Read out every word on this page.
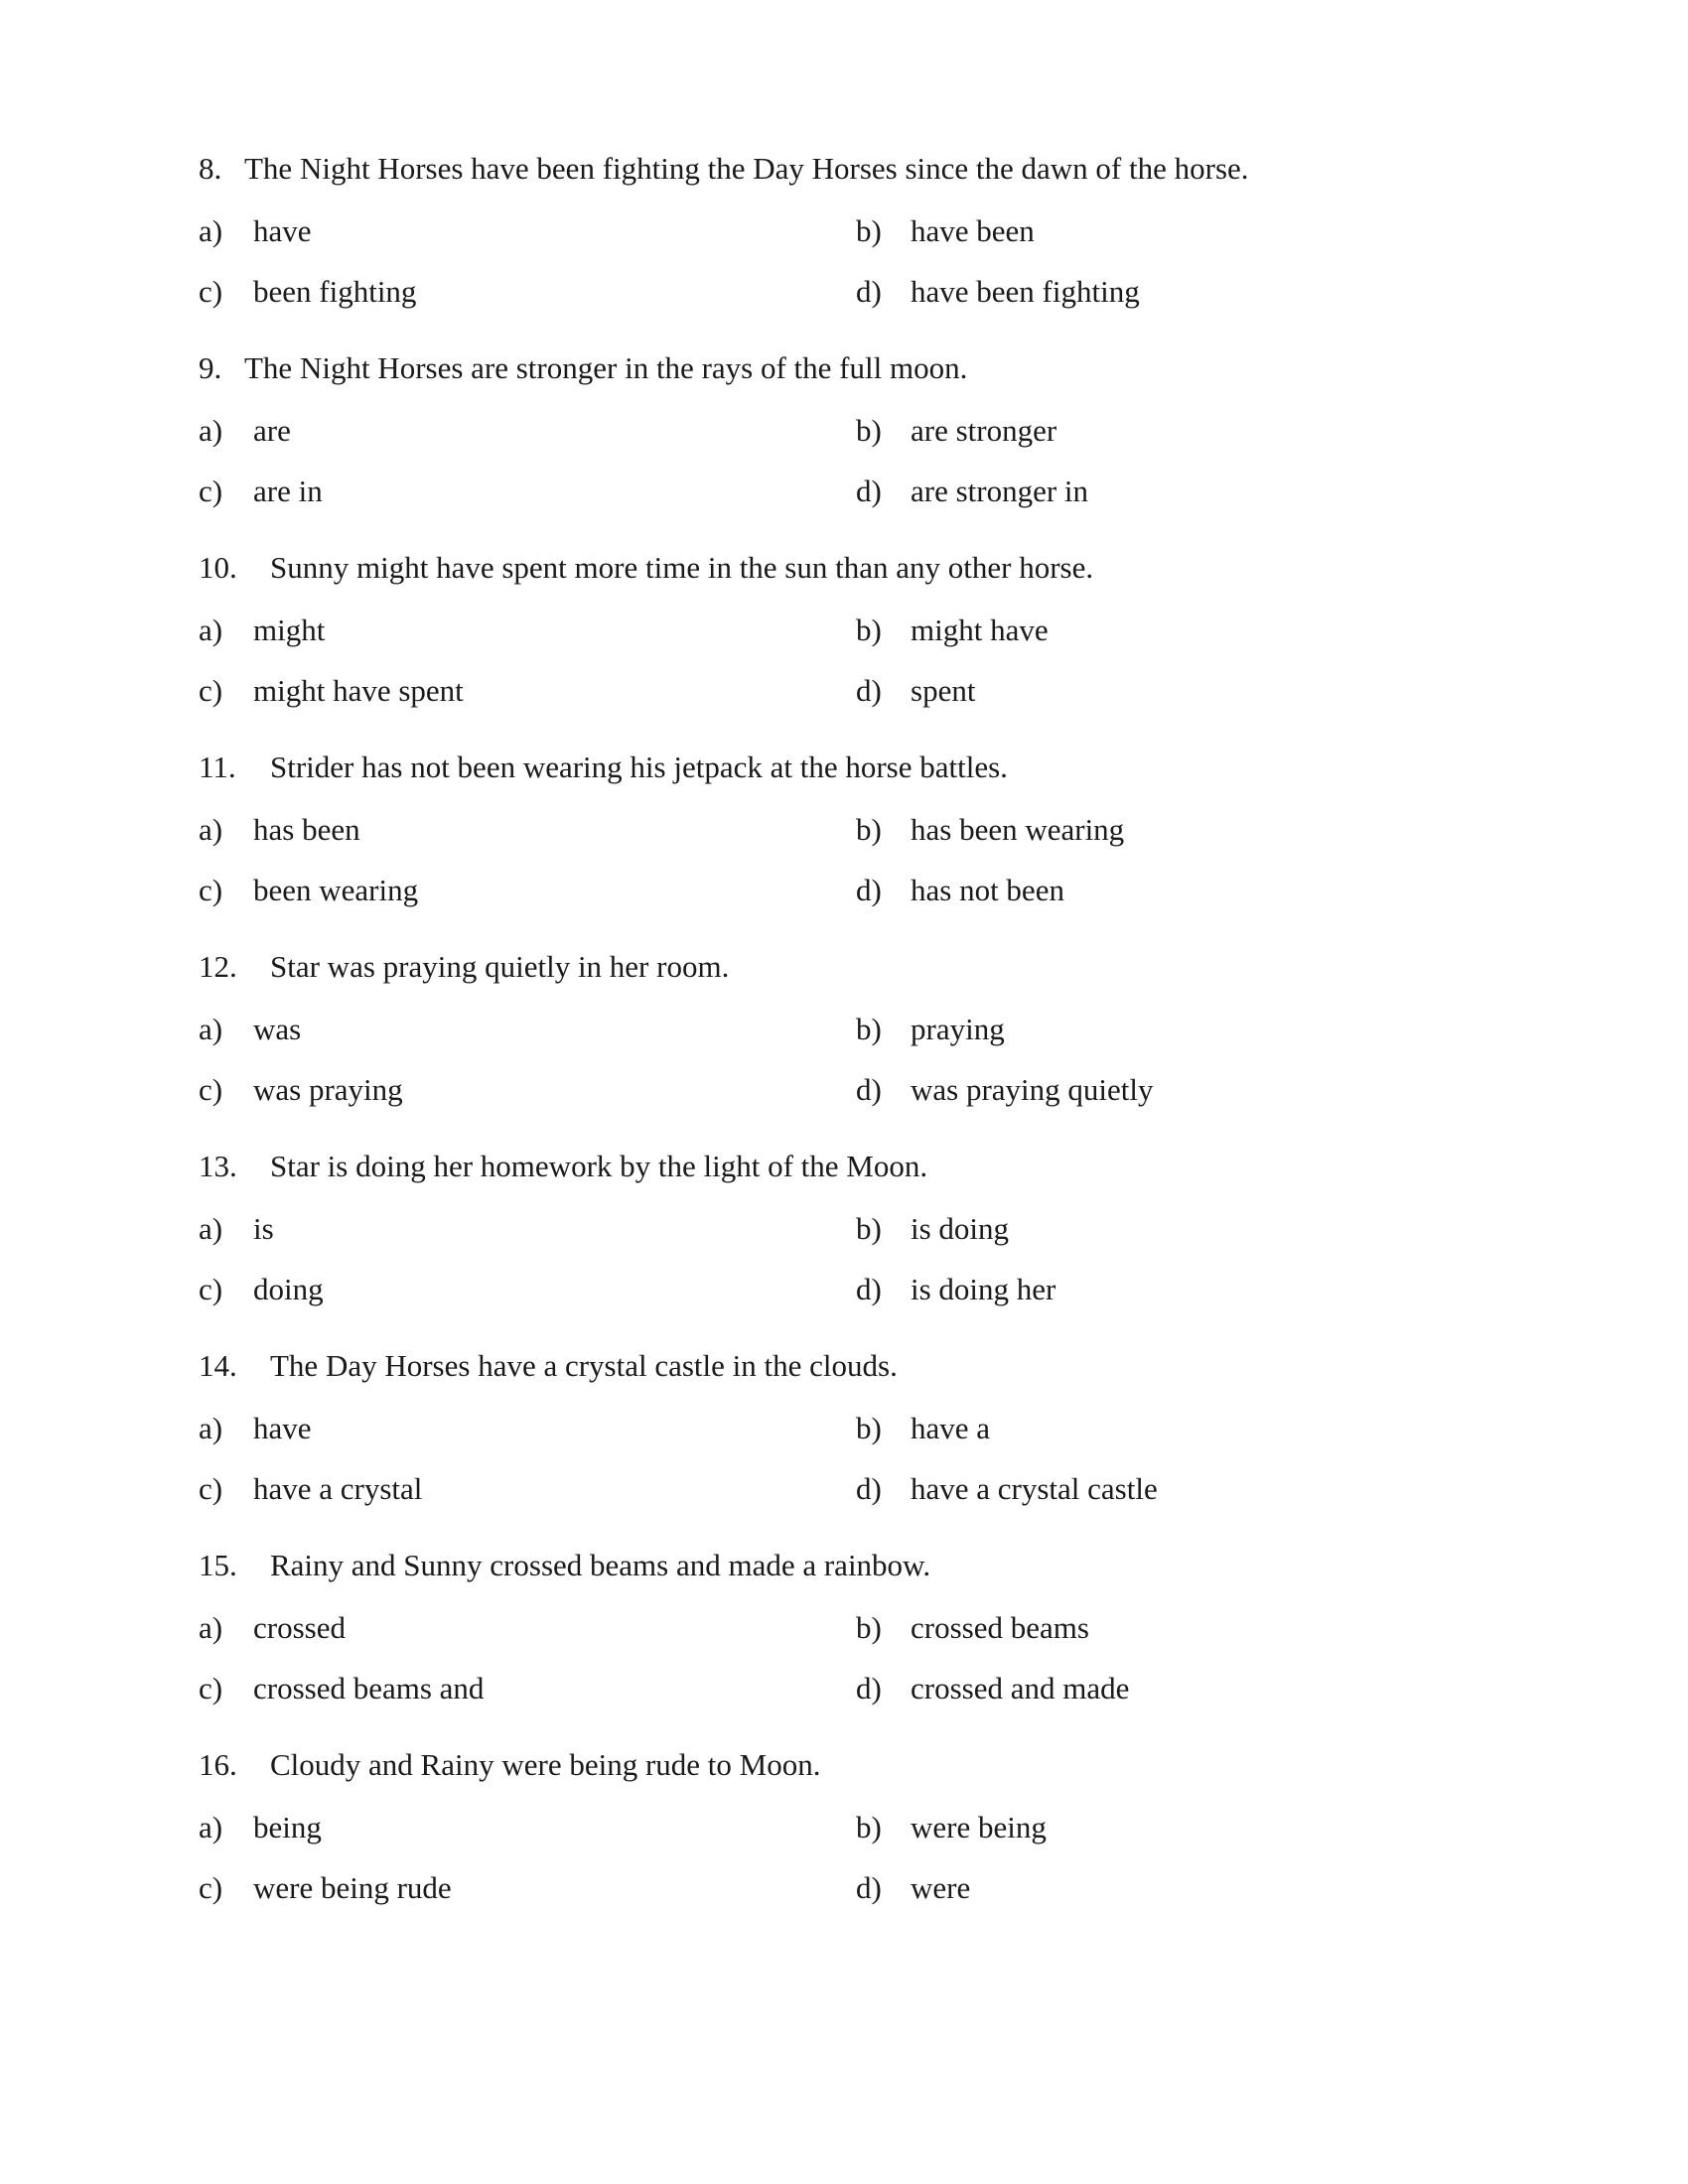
8. The Night Horses have been fighting the Day Horses since the dawn of the horse.
a) have	b) have been
c) been fighting	d) have been fighting
9. The Night Horses are stronger in the rays of the full moon.
a) are	b) are stronger
c) are in	d) are stronger in
10. Sunny might have spent more time in the sun than any other horse.
a) might	b) might have
c) might have spent	d) spent
11. Strider has not been wearing his jetpack at the horse battles.
a) has been	b) has been wearing
c) been wearing	d) has not been
12. Star was praying quietly in her room.
a) was	b) praying
c) was praying	d) was praying quietly
13. Star is doing her homework by the light of the Moon.
a) is	b) is doing
c) doing	d) is doing her
14. The Day Horses have a crystal castle in the clouds.
a) have	b) have a
c) have a crystal	d) have a crystal castle
15. Rainy and Sunny crossed beams and made a rainbow.
a) crossed	b) crossed beams
c) crossed beams and	d) crossed and made
16. Cloudy and Rainy were being rude to Moon.
a) being	b) were being
c) were being rude	d) were
